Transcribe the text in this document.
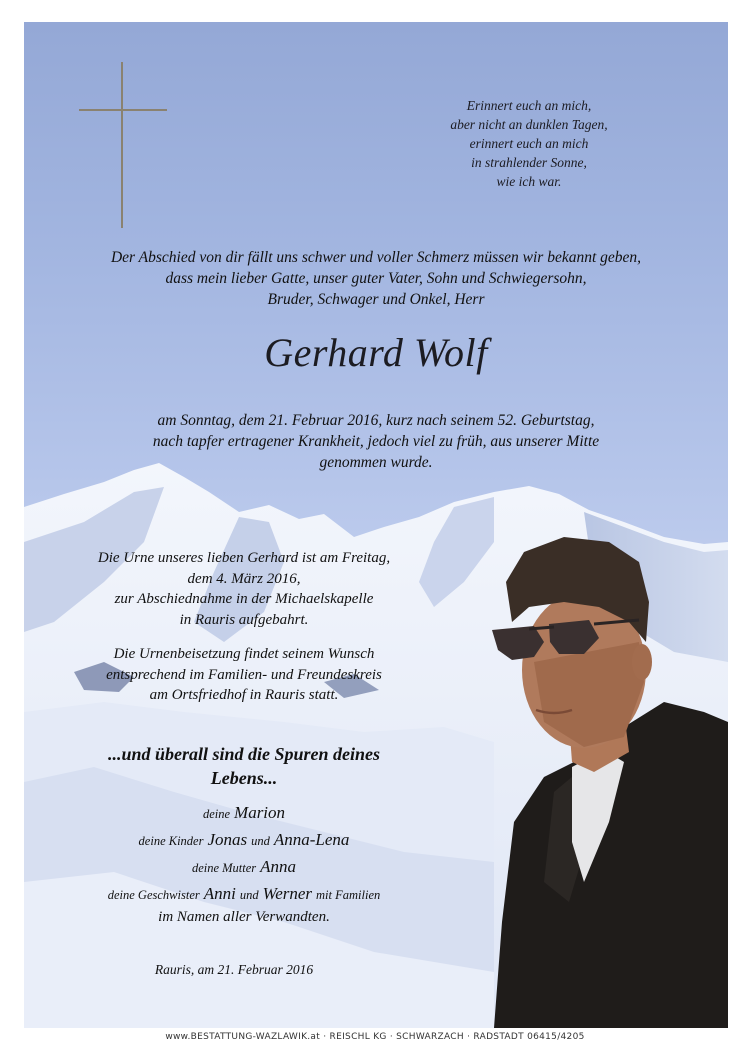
Erinnert euch an mich,
aber nicht an dunklen Tagen,
erinnert euch an mich
in strahlender Sonne,
wie ich war.
Der Abschied von dir fällt uns schwer und voller Schmerz müssen wir bekannt geben,
dass mein lieber Gatte, unser guter Vater, Sohn und Schwiegersohn,
Bruder, Schwager und Onkel, Herr
Gerhard Wolf
am Sonntag, dem 21. Februar 2016, kurz nach seinem 52. Geburtstag,
nach tapfer ertragener Krankheit, jedoch viel zu früh, aus unserer Mitte
genommen wurde.
Die Urne unseres lieben Gerhard ist am Freitag,
dem 4. März 2016,
zur Abschiednahme in der Michaelskapelle
in Rauris aufgebahrt.
Die Urnenbeisetzung findet seinem Wunsch
entsprechend im Familien- und Freundeskreis
am Ortsfriedhof in Rauris statt.
...und überall sind die Spuren deines
Lebens...
deine Marion
deine Kinder Jonas und Anna-Lena
deine Mutter Anna
deine Geschwister Anni und Werner mit Familien
im Namen aller Verwandten.
Rauris, am 21. Februar 2016
www.BESTATTUNG-WAZLAWIK.at · REISCHL KG · SCHWARZACH · RADSTADT 06415/4205
